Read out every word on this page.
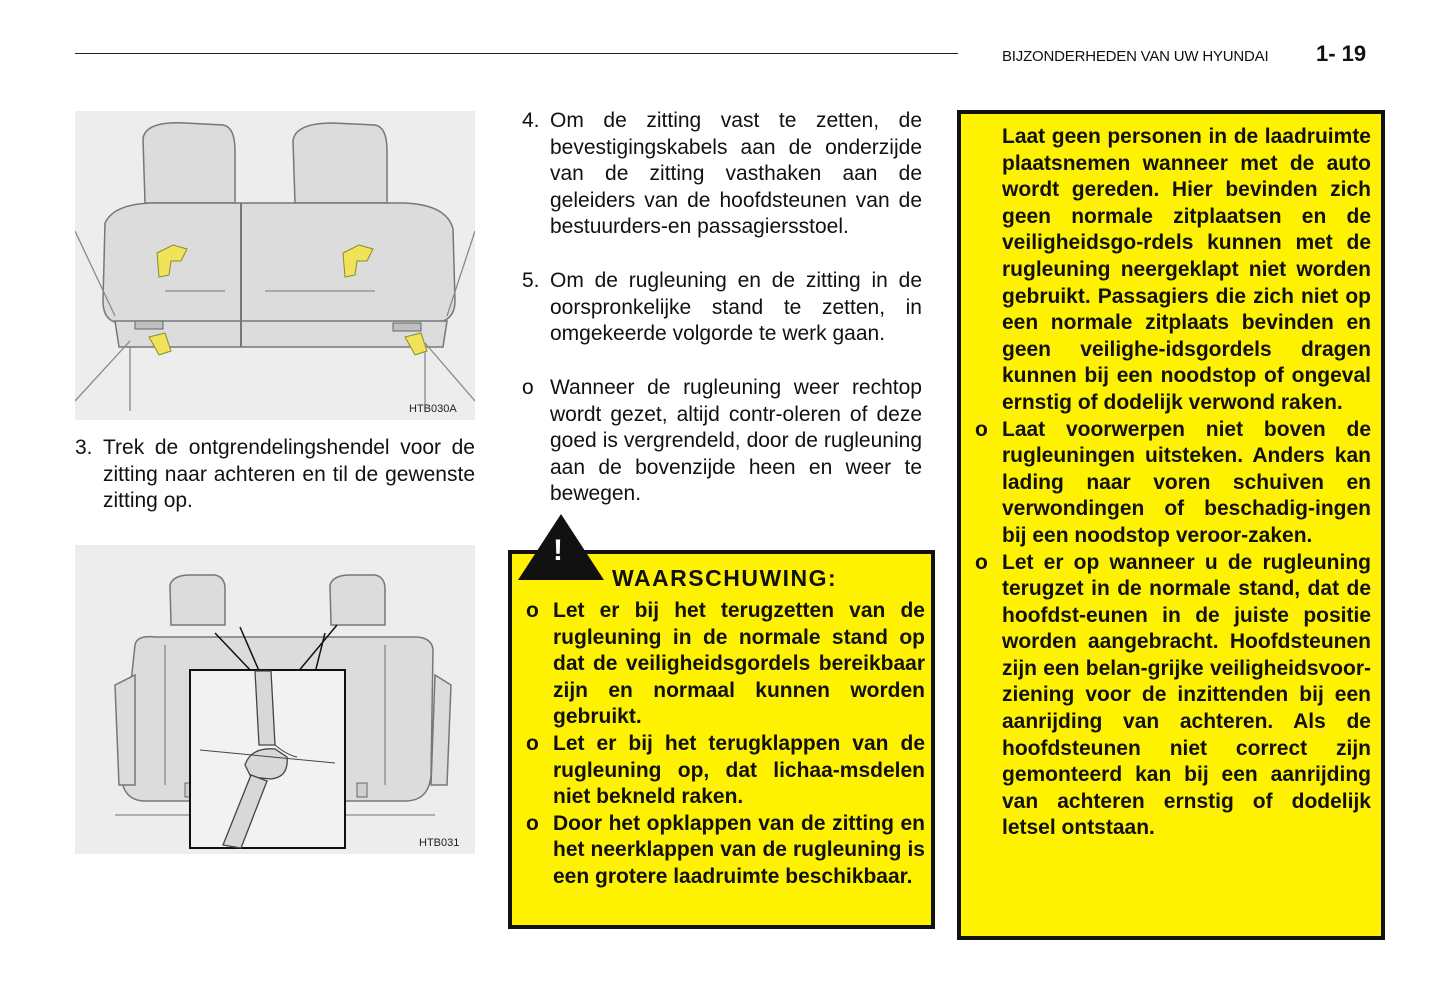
BIJZONDERHEDEN VAN UW HYUNDAI 1- 19
HTB030A
3. Trek de ontgrendelingshendel voor de zitting naar achteren en til de gewenste zitting op.
HTB031
4. Om de zitting vast te zetten, de bevestigingskabels aan de onderzijde van de zitting vasthaken aan de geleiders van de hoofdsteunen van de bestuurders-en passagiersstoel.
5. Om de rugleuning en de zitting in de oorspronkelijke stand te zetten, in omgekeerde volgorde te werk gaan.
o Wanneer de rugleuning weer rechtop wordt gezet, altijd contr-oleren of deze goed is vergrendeld, door de rugleuning aan de bovenzijde heen en weer te bewegen.
WAARSCHUWING:
o Let er bij het terugzetten van de rugleuning in de normale stand op dat de veiligheidsgordels bereikbaar zijn en normaal kunnen worden gebruikt.
o Let er bij het terugklappen van de rugleuning op, dat lichaa-msdelen niet bekneld raken.
o Door het opklappen van de zitting en het neerklappen van de rugleuning is een grotere laadruimte beschikbaar.
!
Laat geen personen in de laadruimte plaatsnemen wanneer met de auto wordt gereden. Hier bevinden zich geen normale zitplaatsen en de veiligheidsgo-rdels kunnen met de rugleuning neergeklapt niet worden gebruikt. Passagiers die zich niet op een normale zitplaats bevinden en geen veilighe-idsgordels dragen kunnen bij een noodstop of ongeval ernstig of dodelijk verwond raken.
o Laat voorwerpen niet boven de rugleuningen uitsteken. Anders kan lading naar voren schuiven en verwondingen of beschadig-ingen bij een noodstop veroor-zaken.
o Let er op wanneer u de rugleuning terugzet in de normale stand, dat de hoofdst-eunen in de juiste positie worden aangebracht. Hoofdsteunen zijn een belan-grijke veiligheidsvoor-ziening voor de inzittenden bij een aanrijding van achteren. Als de hoofdsteunen niet correct zijn gemonteerd kan bij een aanrijding van achteren ernstig of dodelijk letsel ontstaan.
